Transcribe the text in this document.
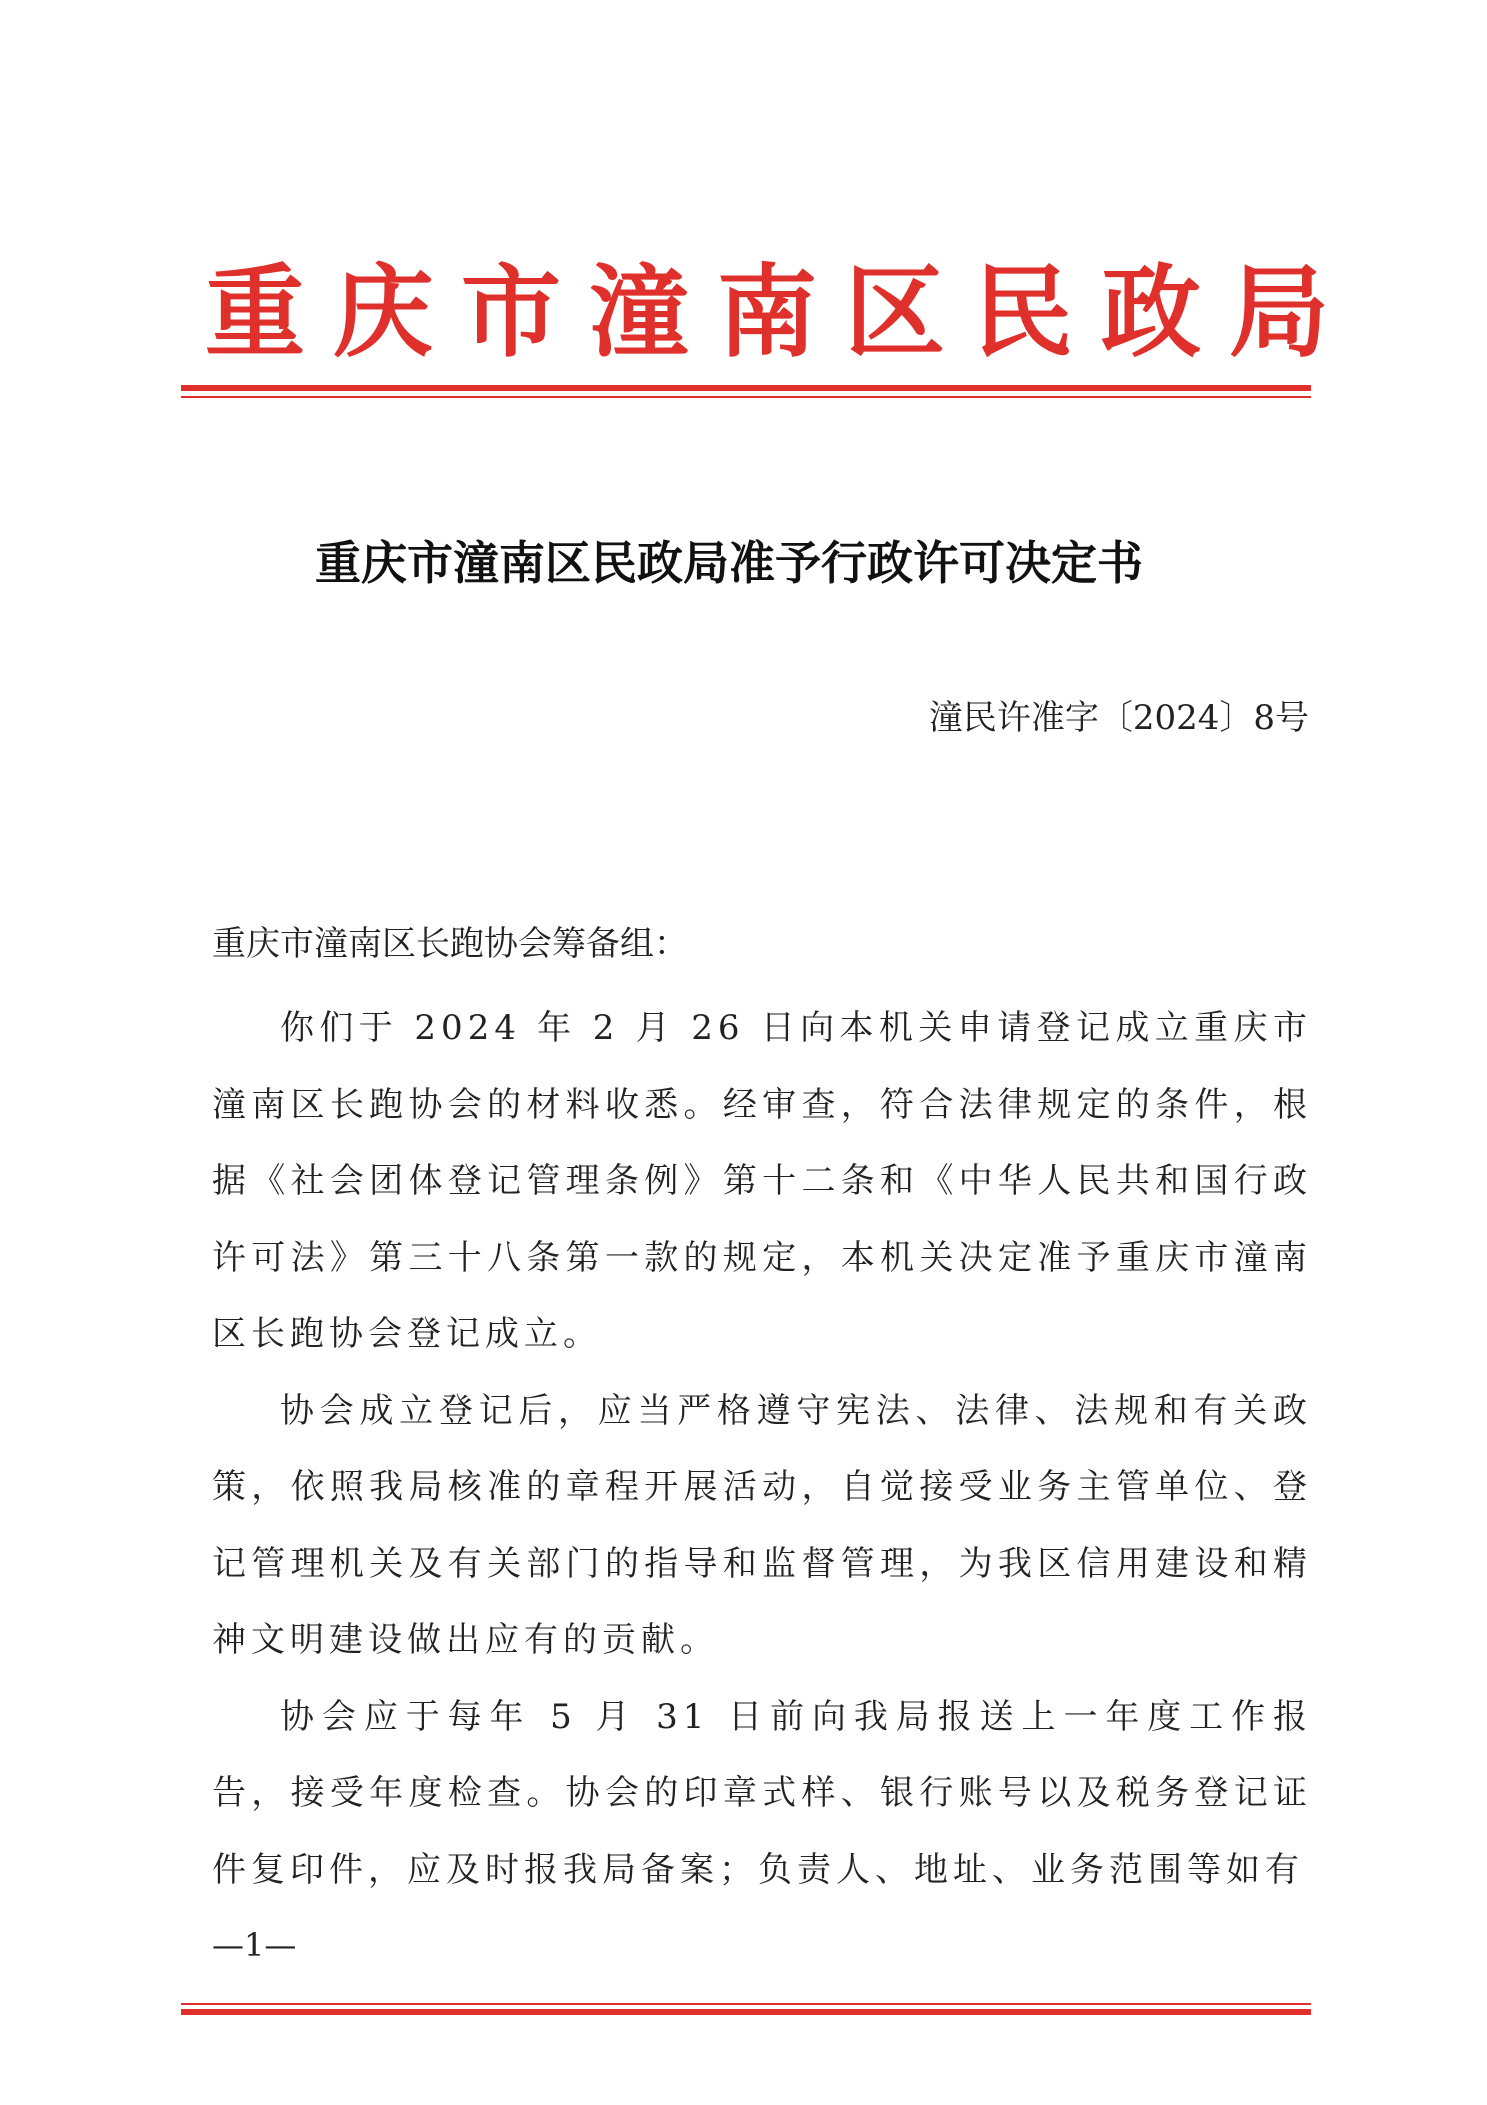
重庆市潼南区民政局
重庆市潼南区民政局准予行政许可决定书
潼民许准字〔2024〕8号
重庆市潼南区长跑协会筹备组：

你们于 2024 年 2 月 26 日向本机关申请登记成立重庆市潼南区长跑协会的材料收悉。经审查，符合法律规定的条件，根据《社会团体登记管理条例》第十二条和《中华人民共和国行政许可法》第三十八条第一款的规定，本机关决定准予重庆市潼南区长跑协会登记成立。

协会成立登记后，应当严格遵守宪法、法律、法规和有关政策，依照我局核准的章程开展活动，自觉接受业务主管单位、登记管理机关及有关部门的指导和监督管理，为我区信用建设和精神文明建设做出应有的贡献。

协会应于每年 5 月 31 日前向我局报送上一年度工作报告，接受年度检查。协会的印章式样、银行账号以及税务登记证件复印件，应及时报我局备案；负责人、地址、业务范围等如有

—1—
